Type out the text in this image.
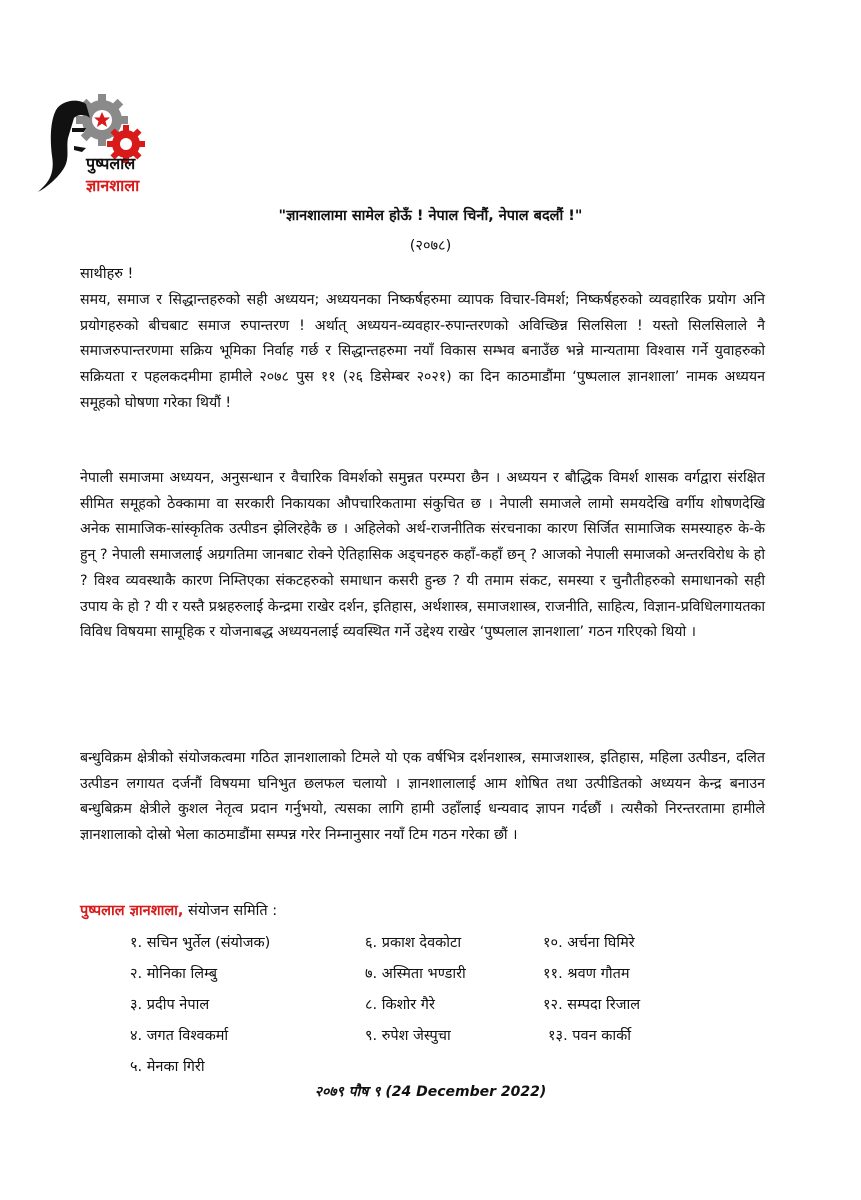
पुष्पलाल
ज्ञानशाला
"ज्ञानशालामा सामेल होऊँ ! नेपाल चिनौं, नेपाल बदलौं !"
(२०७८)
साथीहरु !
समय, समाज र सिद्धान्तहरुको सही अध्ययन; अध्ययनका निष्कर्षहरुमा व्यापक विचार-विमर्श; निष्कर्षहरुको व्यवहारिक प्रयोग अनि प्रयोगहरुको बीचबाट समाज रुपान्तरण ! अर्थात् अध्ययन-व्यवहार-रुपान्तरणको अविच्छिन्न सिलसिला ! यस्तो सिलसिलाले नै समाजरुपान्तरणमा सक्रिय भूमिका निर्वाह गर्छ र सिद्धान्तहरुमा नयाँ विकास सम्भव बनाउँछ भन्ने मान्यतामा विश्‍वास गर्ने युवाहरुको सक्रियता र पहलकदमीमा हामीले २०७८ पुस ११ (२६ डिसेम्बर २०२१) का दिन काठमाडौंमा ‘पुष्पलाल ज्ञानशाला’ नामक अध्ययन समूहको घोषणा गरेका थियौं !
नेपाली समाजमा अध्ययन, अनुसन्धान र वैचारिक विमर्शको समुन्नत परम्परा छैन । अध्ययन र बौद्धिक विमर्श शासक वर्गद्वारा संरक्षित सीमित समूहको ठेक्कामा वा सरकारी निकायका औपचारिकतामा संकुचित छ । नेपाली समाजले लामो समयदेखि वर्गीय शोषणदेखि अनेक सामाजिक-सांस्कृतिक उत्पीडन झेलिरहेकै छ । अहिलेको अर्थ-राजनीतिक संरचनाका कारण सिर्जित सामाजिक समस्याहरु के-के हुन् ? नेपाली समाजलाई अग्रगतिमा जानबाट रोक्ने ऐतिहासिक अड्चनहरु कहाँ-कहाँ छन् ? आजको नेपाली समाजको अन्तरविरोध के हो ? विश्व व्यवस्थाकै कारण निम्तिएका संकटहरुको समाधान कसरी हुन्छ ? यी तमाम संकट, समस्या र चुनौतीहरुको समाधानको सही उपाय के हो ? यी र यस्तै प्रश्नहरुलाई केन्द्रमा राखेर दर्शन, इतिहास, अर्थशास्त्र, समाजशास्त्र, राजनीति, साहित्य, विज्ञान-प्रविधिलगायतका विविध विषयमा सामूहिक र योजनाबद्ध अध्ययनलाई व्यवस्थित गर्ने उद्देश्य राखेर ‘पुष्पलाल ज्ञानशाला’ गठन गरिएको थियो ।
बन्धुविक्रम क्षेत्रीको संयोजकत्वमा गठित ज्ञानशालाको टिमले यो एक वर्षभित्र दर्शनशास्त्र, समाजशास्त्र, इतिहास, महिला उत्पीडन, दलित उत्पीडन लगायत दर्जनौं विषयमा घनिभुत छलफल चलायो । ज्ञानशालालाई आम शोषित तथा उत्पीडितको अध्ययन केन्द्र बनाउन बन्धुबिक्रम क्षेत्रीले कुशल नेतृत्व प्रदान गर्नुभयो, त्यसका लागि हामी उहाँलाई धन्यवाद ज्ञापन गर्दछौं । त्यसैको निरन्तरतामा हामीले ज्ञानशालाको दोस्रो भेला काठमाडौंमा सम्पन्न गरेर निम्नानुसार नयाँ टिम गठन गरेका छौं ।
पुष्पलाल ज्ञानशाला, संयोजन समिति :
१. सचिन भुर्तेल (संयोजक)
२. मोनिका लिम्बु
३. प्रदीप नेपाल
४. जगत विश्वकर्मा
५. मेनका गिरी
६. प्रकाश देवकोटा
७. अस्मिता भण्डारी
८. किशोर गैरे
९. रुपेश जेस्पुचा
१०. अर्चना घिमिरे
११. श्रवण गौतम
१२. सम्पदा रिजाल
१३. पवन कार्की
२०७९ पौष ९ (24 December 2022)
